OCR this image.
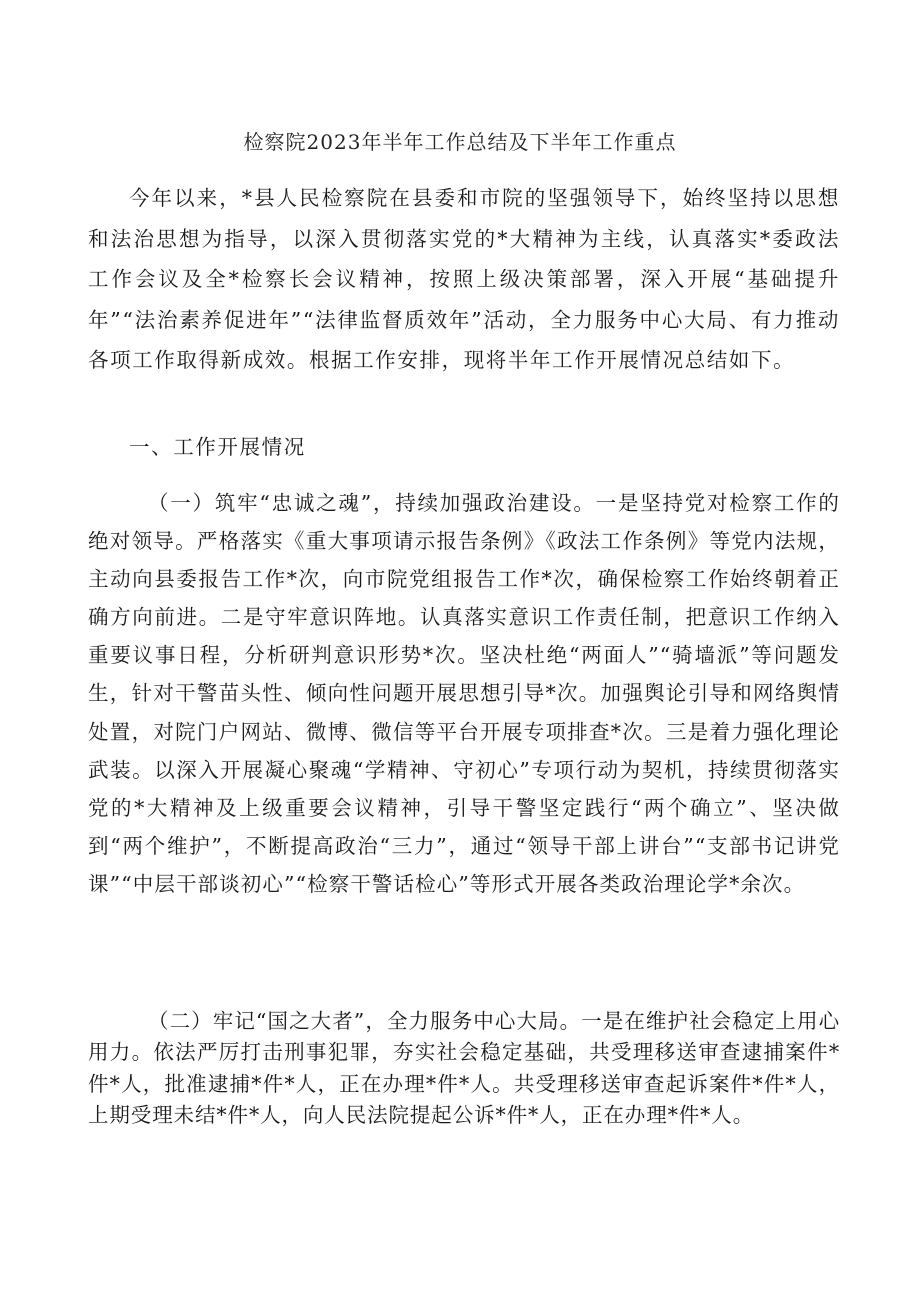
检察院2023年半年工作总结及下半年工作重点

今年以来，*县人民检察院在县委和市院的坚强领导下，始终坚持以思想和法治思想为指导，以深入贯彻落实党的*大精神为主线，认真落实*委政法工作会议及全*检察长会议精神，按照上级决策部署，深入开展“基础提升年”“法治素养促进年”“法律监督质效年”活动，全力服务中心大局、有力推动各项工作取得新成效。根据工作安排，现将半年工作开展情况总结如下。

一、工作开展情况

（一）筑牢“忠诚之魂”，持续加强政治建设。一是坚持党对检察工作的绝对领导。严格落实《重大事项请示报告条例》《政法工作条例》等党内法规，主动向县委报告工作*次，向市院党组报告工作*次，确保检察工作始终朝着正确方向前进。二是守牢意识阵地。认真落实意识工作责任制，把意识工作纳入重要议事日程，分析研判意识形势*次。坚决杜绝“两面人”“骑墙派”等问题发生，针对干警苗头性、倾向性问题开展思想引导*次。加强舆论引导和网络舆情处置，对院门户网站、微博、微信等平台开展专项排查*次。三是着力强化理论武装。以深入开展凝心聚魂“学精神、守初心”专项行动为契机，持续贯彻落实党的*大精神及上级重要会议精神，引导干警坚定践行“两个确立”、坚决做到“两个维护”，不断提高政治“三力”，通过“领导干部上讲台”“支部书记讲党课”“中层干部谈初心”“检察干警话检心”等形式开展各类政治理论学*余次。

（二）牢记“国之大者”，全力服务中心大局。一是在维护社会稳定上用心用力。依法严厉打击刑事犯罪，夯实社会稳定基础，共受理移送审查逮捕案件*件*人，批准逮捕*件*人，正在办理*件*人。共受理移送审查起诉案件*件*人，上期受理未结*件*人，向人民法院提起公诉*件*人，正在办理*件*人。
